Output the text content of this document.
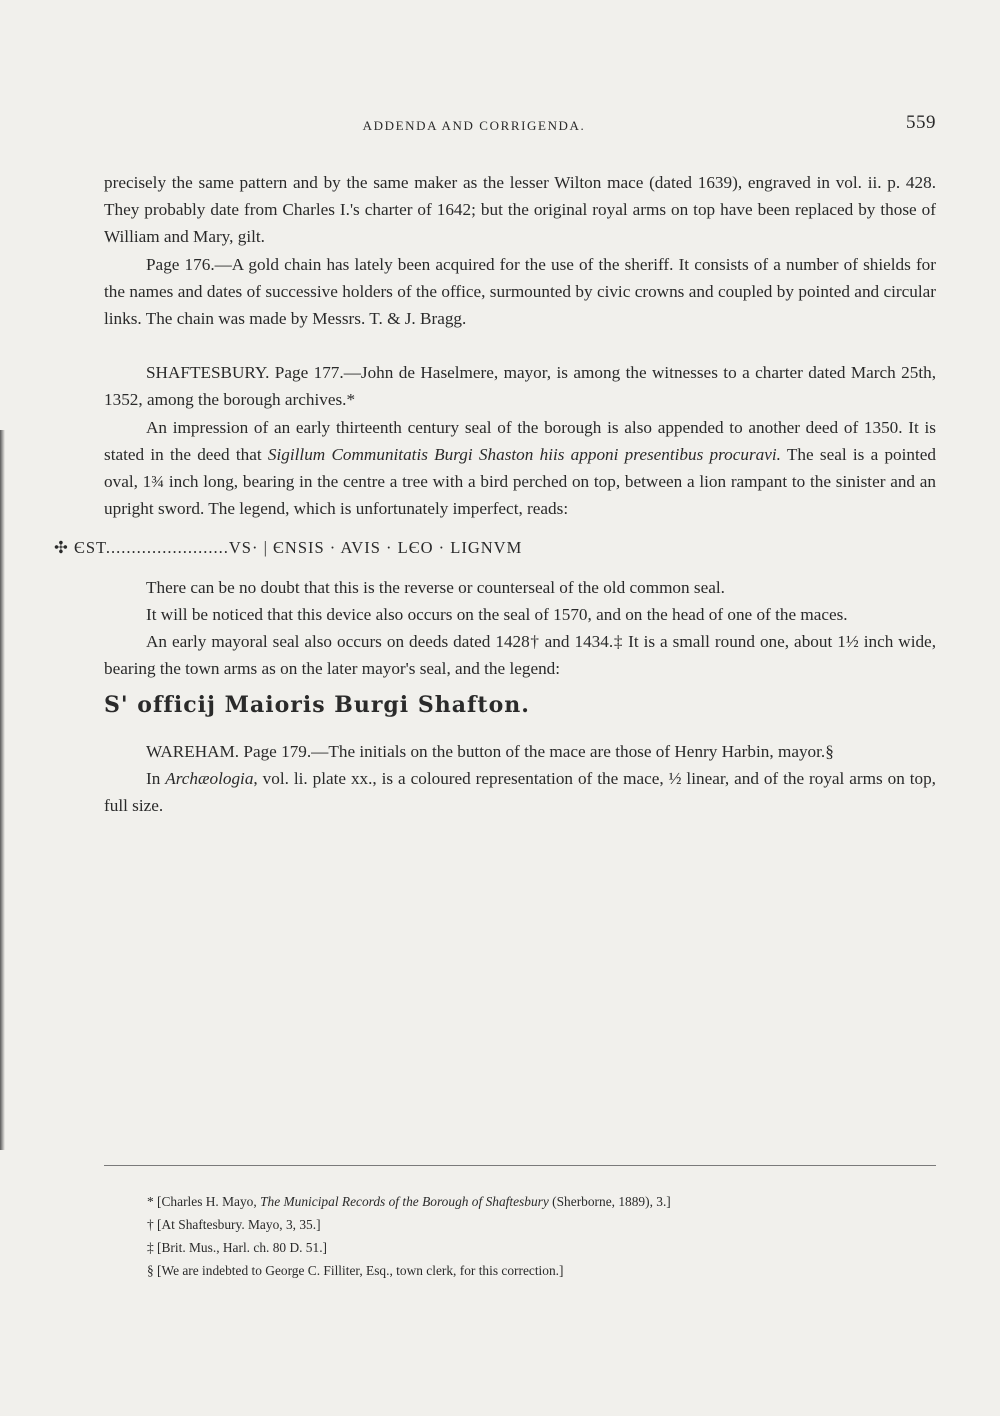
ADDENDA AND CORRIGENDA.	559

precisely the same pattern and by the same maker as the lesser Wilton mace (dated 1639), engraved in vol. ii. p. 428. They probably date from Charles I.'s charter of 1642; but the original royal arms on top have been replaced by those of William and Mary, gilt.

Page 176.—A gold chain has lately been acquired for the use of the sheriff. It consists of a number of shields for the names and dates of successive holders of the office, surmounted by civic crowns and coupled by pointed and circular links. The chain was made by Messrs. T. & J. Bragg.

SHAFTESBURY. Page 177.—John de Haselmere, mayor, is among the witnesses to a charter dated March 25th, 1352, among the borough archives.*

An impression of an early thirteenth century seal of the borough is also appended to another deed of 1350. It is stated in the deed that Sigillum Communitatis Burgi Shaston hiis apponi presentibus procuravi. The seal is a pointed oval, 1¾ inch long, bearing in the centre a tree with a bird perched on top, between a lion rampant to the sinister and an upright sword. The legend, which is unfortunately imperfect, reads:

✣ ЄST........................VS· | ЄNSIS · AVIS · LЄO · LIGNVM

There can be no doubt that this is the reverse or counterseal of the old common seal.

It will be noticed that this device also occurs on the seal of 1570, and on the head of one of the maces.

An early mayoral seal also occurs on deeds dated 1428† and 1434.‡ It is a small round one, about 1½ inch wide, bearing the town arms as on the later mayor's seal, and the legend:

S' officij Maioris Burgi Shafton.

WAREHAM. Page 179.—The initials on the button of the mace are those of Henry Harbin, mayor.§

In Archæologia, vol. li. plate xx., is a coloured representation of the mace, ½ linear, and of the royal arms on top, full size.

* [Charles H. Mayo, The Municipal Records of the Borough of Shaftesbury (Sherborne, 1889), 3.]

† [At Shaftesbury. Mayo, 3, 35.]

‡ [Brit. Mus., Harl. ch. 80 D. 51.]

§ [We are indebted to George C. Filliter, Esq., town clerk, for this correction.]
